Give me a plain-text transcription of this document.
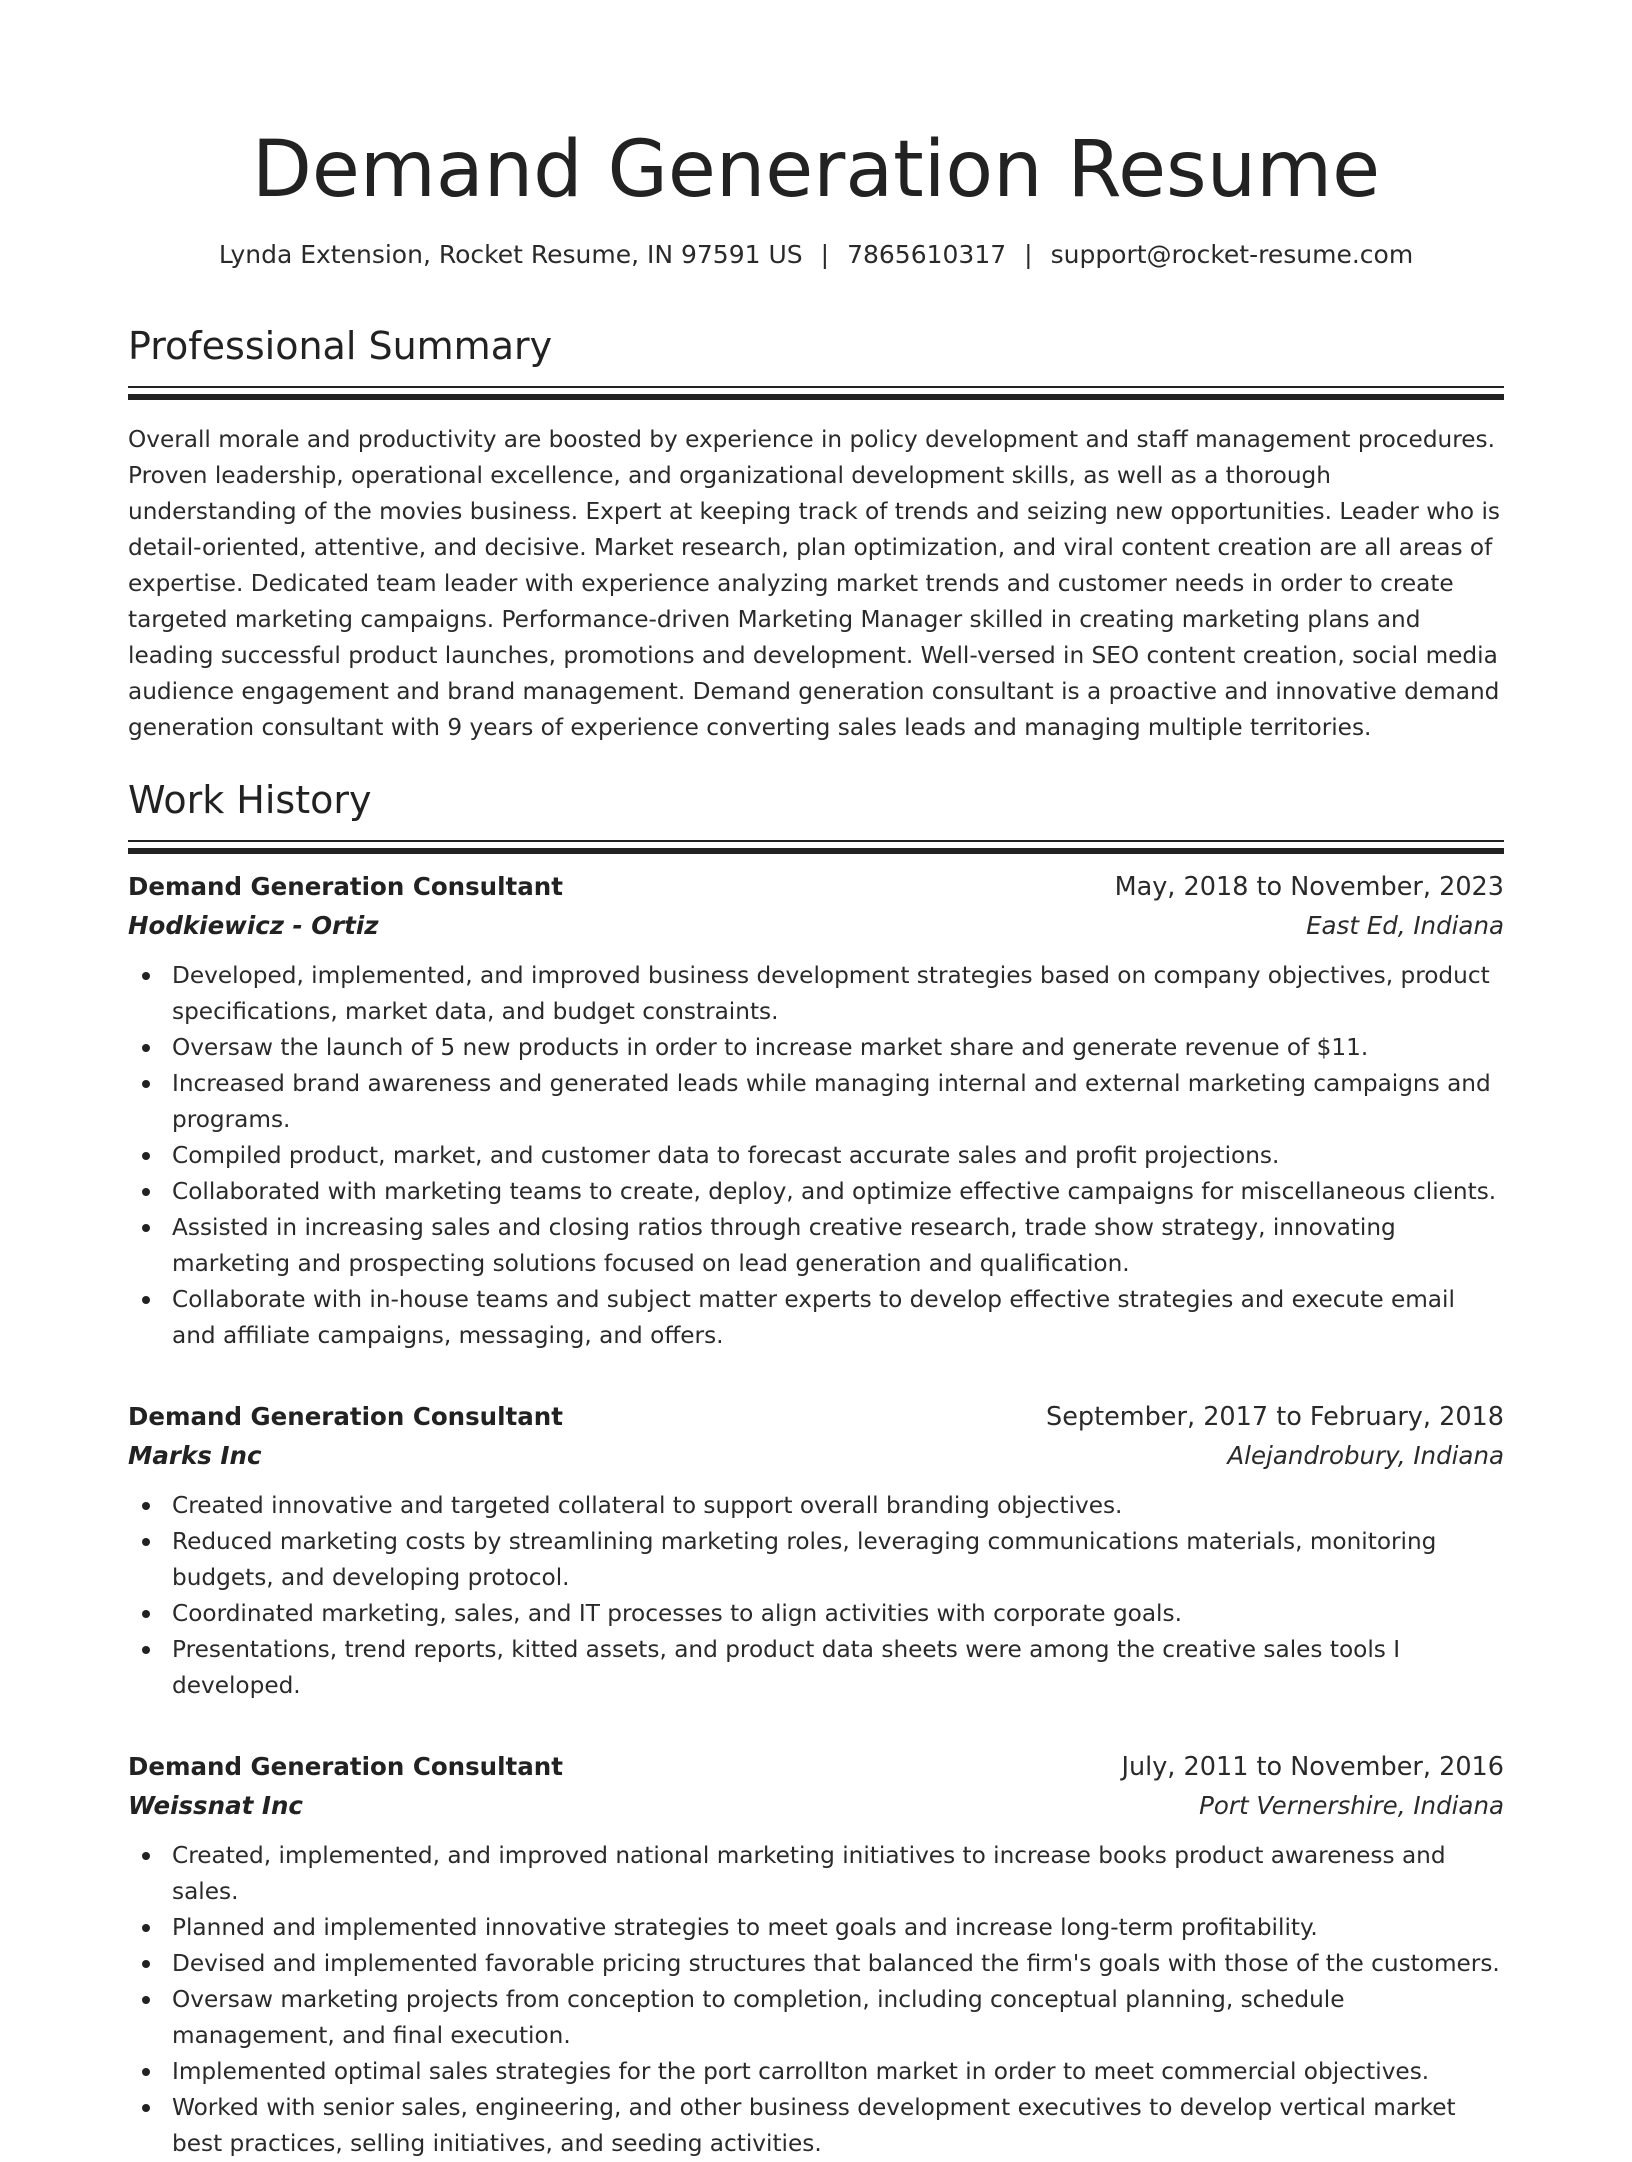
Demand Generation Resume
Lynda Extension, Rocket Resume, IN 97591 US | 7865610317 | support@rocket-resume.com
Professional Summary

Overall morale and productivity are boosted by experience in policy development and staff management procedures. Proven leadership, operational excellence, and organizational development skills, as well as a thorough understanding of the movies business. Expert at keeping track of trends and seizing new opportunities. Leader who is detail-oriented, attentive, and decisive. Market research, plan optimization, and viral content creation are all areas of expertise. Dedicated team leader with experience analyzing market trends and customer needs in order to create targeted marketing campaigns. Performance-driven Marketing Manager skilled in creating marketing plans and leading successful product launches, promotions and development. Well-versed in SEO content creation, social media audience engagement and brand management. Demand generation consultant is a proactive and innovative demand generation consultant with 9 years of experience converting sales leads and managing multiple territories.

Work History
Demand Generation Consultant	May, 2018 to November, 2023
Hodkiewicz - Ortiz	East Ed, Indiana
Developed, implemented, and improved business development strategies based on company objectives, product specifications, market data, and budget constraints.
Oversaw the launch of 5 new products in order to increase market share and generate revenue of $11.
Increased brand awareness and generated leads while managing internal and external marketing campaigns and programs.
Compiled product, market, and customer data to forecast accurate sales and profit projections.
Collaborated with marketing teams to create, deploy, and optimize effective campaigns for miscellaneous clients.
Assisted in increasing sales and closing ratios through creative research, trade show strategy, innovating marketing and prospecting solutions focused on lead generation and qualification.
Collaborate with in-house teams and subject matter experts to develop effective strategies and execute email and affiliate campaigns, messaging, and offers.
Demand Generation Consultant	September, 2017 to February, 2018
Marks Inc	Alejandrobury, Indiana
Created innovative and targeted collateral to support overall branding objectives.
Reduced marketing costs by streamlining marketing roles, leveraging communications materials, monitoring budgets, and developing protocol.
Coordinated marketing, sales, and IT processes to align activities with corporate goals.
Presentations, trend reports, kitted assets, and product data sheets were among the creative sales tools I developed.
Demand Generation Consultant	July, 2011 to November, 2016
Weissnat Inc	Port Vernershire, Indiana
Created, implemented, and improved national marketing initiatives to increase books product awareness and sales.
Planned and implemented innovative strategies to meet goals and increase long-term profitability.
Devised and implemented favorable pricing structures that balanced the firm's goals with those of the customers.
Oversaw marketing projects from conception to completion, including conceptual planning, schedule management, and final execution.
Implemented optimal sales strategies for the port carrollton market in order to meet commercial objectives.
Worked with senior sales, engineering, and other business development executives to develop vertical market best practices, selling initiatives, and seeding activities.
